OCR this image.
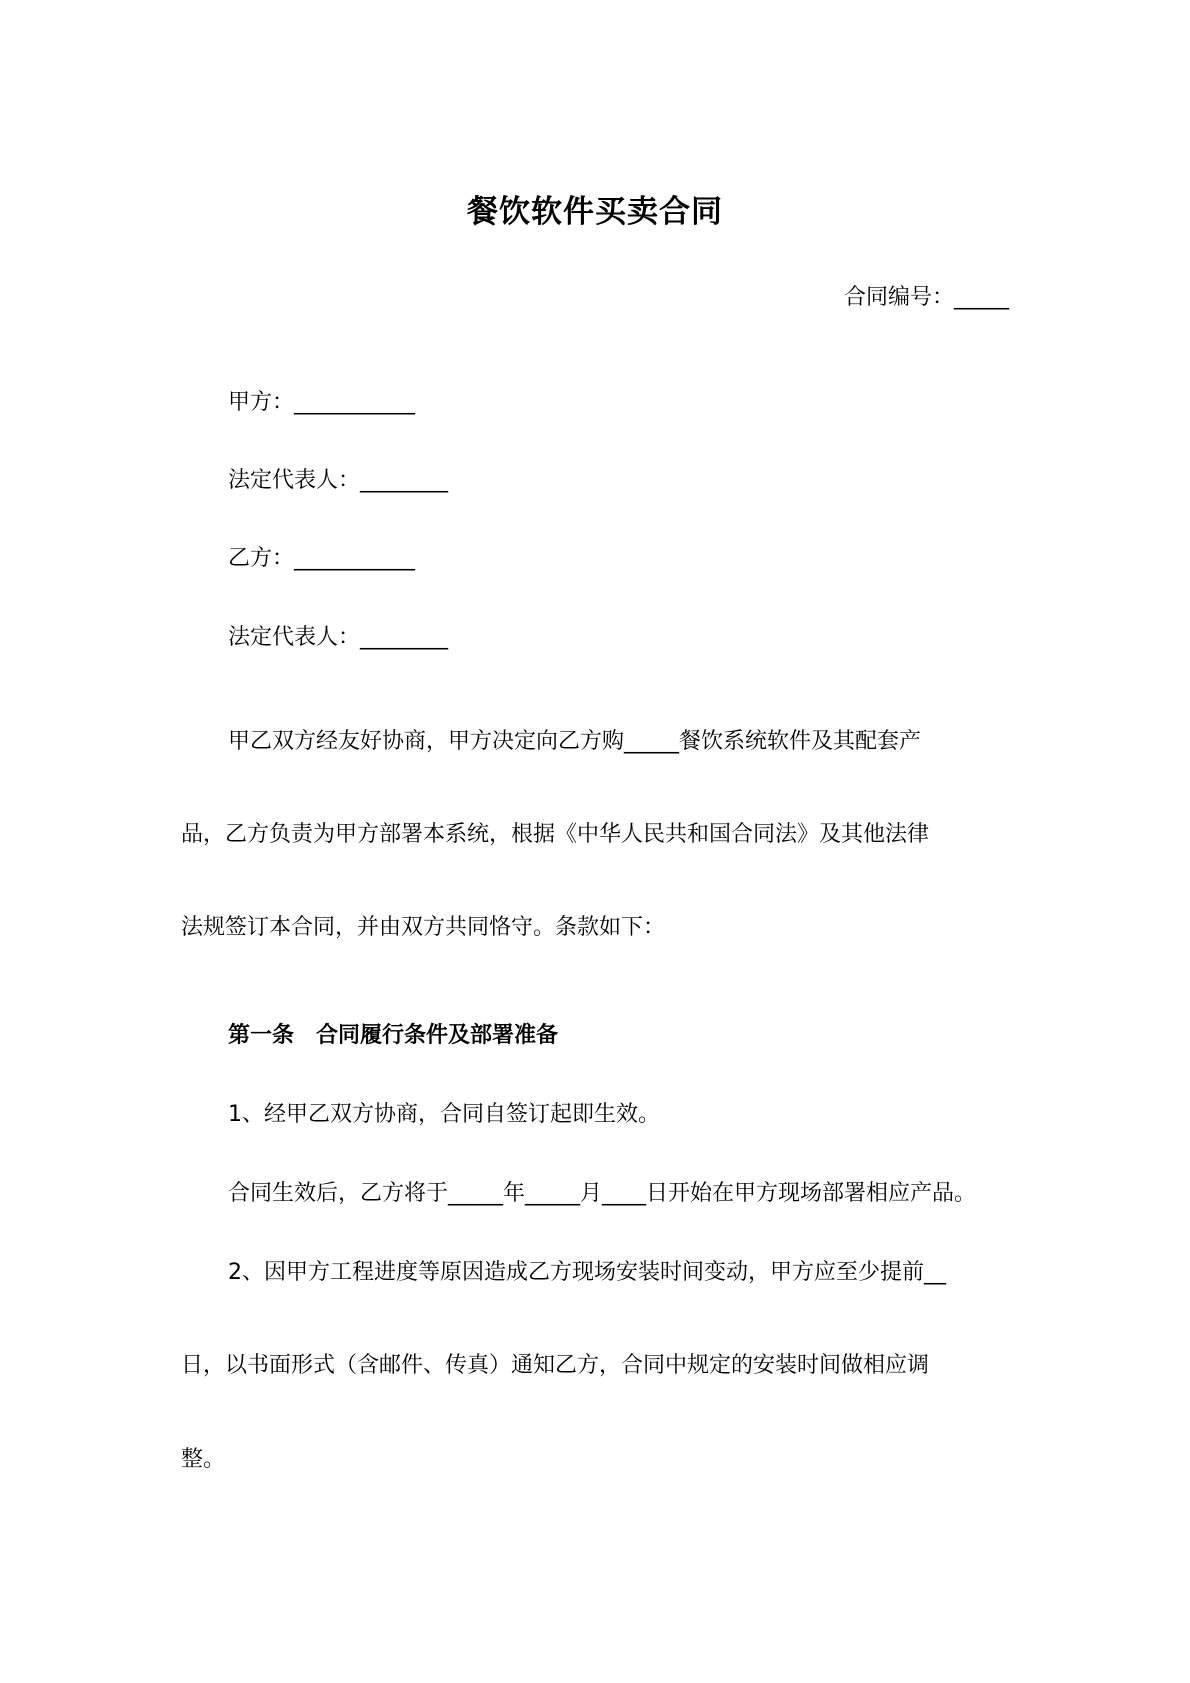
餐饮软件买卖合同
合同编号：_____
甲方：___________
法定代表人：________
乙方：___________
法定代表人：________
甲乙双方经友好协商，甲方决定向乙方购_____餐饮系统软件及其配套产
品，乙方负责为甲方部署本系统，根据《中华人民共和国合同法》及其他法律
法规签订本合同，并由双方共同恪守。条款如下：
第一条　合同履行条件及部署准备
1、经甲乙双方协商，合同自签订起即生效。
合同生效后，乙方将于_____年_____月____日开始在甲方现场部署相应产品。
2、因甲方工程进度等原因造成乙方现场安装时间变动，甲方应至少提前__
日，以书面形式（含邮件、传真）通知乙方，合同中规定的安装时间做相应调
整。
